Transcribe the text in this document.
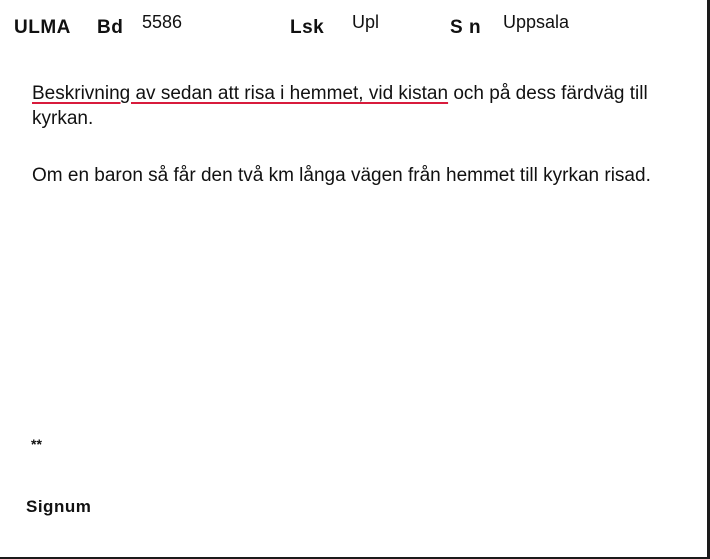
ULMA Bd 5586	Lsk Upl	S n Uppsala

Beskrivning av sedan att risa i hemmet, vid kistan och på dess färdväg till kyrkan.

Om en baron så får den två km långa vägen från hemmet till kyrkan risad.

**
Signum
